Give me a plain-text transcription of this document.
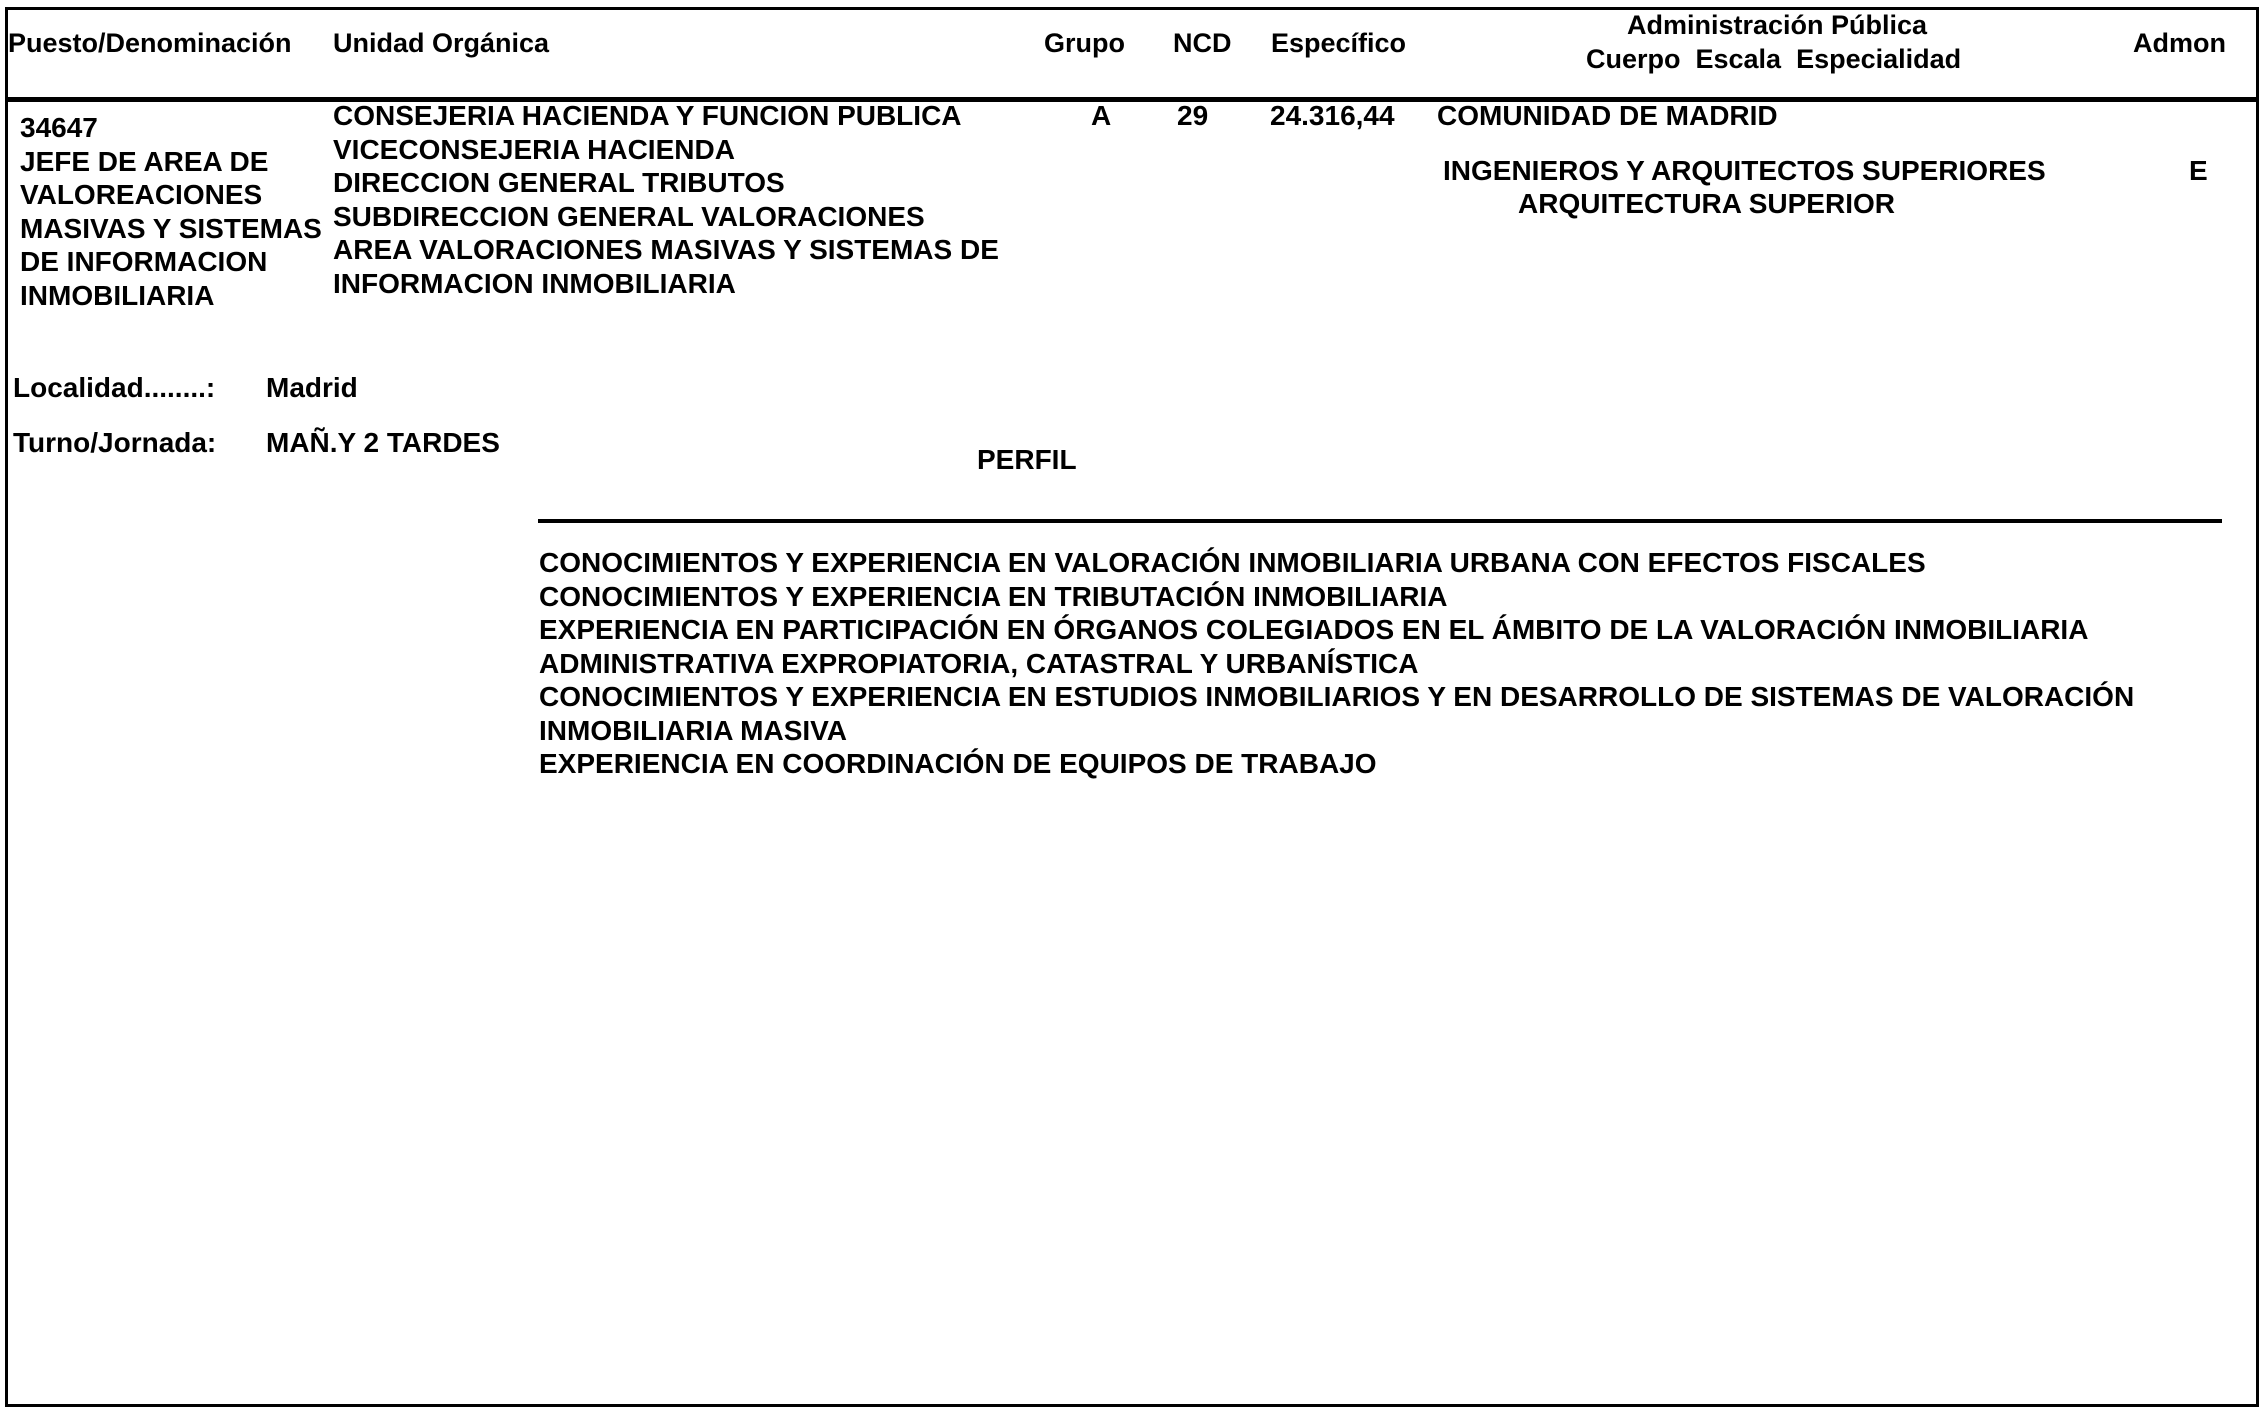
Puesto/Denominación Unidad Orgánica	Grupo NCD Específico
Administración Pública
Cuerpo  Escala  Especialidad
Admon
34647
JEFE DE AREA DE
VALOREACIONES
MASIVAS Y SISTEMAS
DE INFORMACION
INMOBILIARIA
CONSEJERIA HACIENDA Y FUNCION PUBLICA
VICECONSEJERIA HACIENDA
DIRECCION GENERAL TRIBUTOS
SUBDIRECCION GENERAL VALORACIONES
AREA VALORACIONES MASIVAS Y SISTEMAS DE
INFORMACION INMOBILIARIA
A 29 24.316,44 COMUNIDAD DE MADRID
INGENIEROS Y ARQUITECTOS SUPERIORES
ARQUITECTURA SUPERIOR
E
Localidad........: Madrid
Turno/Jornada: MAÑ.Y 2 TARDES
PERFIL
CONOCIMIENTOS Y EXPERIENCIA EN VALORACIÓN INMOBILIARIA URBANA CON EFECTOS FISCALES
CONOCIMIENTOS Y EXPERIENCIA EN TRIBUTACIÓN INMOBILIARIA
EXPERIENCIA EN PARTICIPACIÓN EN ÓRGANOS COLEGIADOS EN EL ÁMBITO DE LA VALORACIÓN INMOBILIARIA
ADMINISTRATIVA EXPROPIATORIA, CATASTRAL Y URBANÍSTICA
CONOCIMIENTOS Y EXPERIENCIA EN ESTUDIOS INMOBILIARIOS Y EN DESARROLLO DE SISTEMAS DE VALORACIÓN
INMOBILIARIA MASIVA
EXPERIENCIA EN COORDINACIÓN DE EQUIPOS DE TRABAJO
